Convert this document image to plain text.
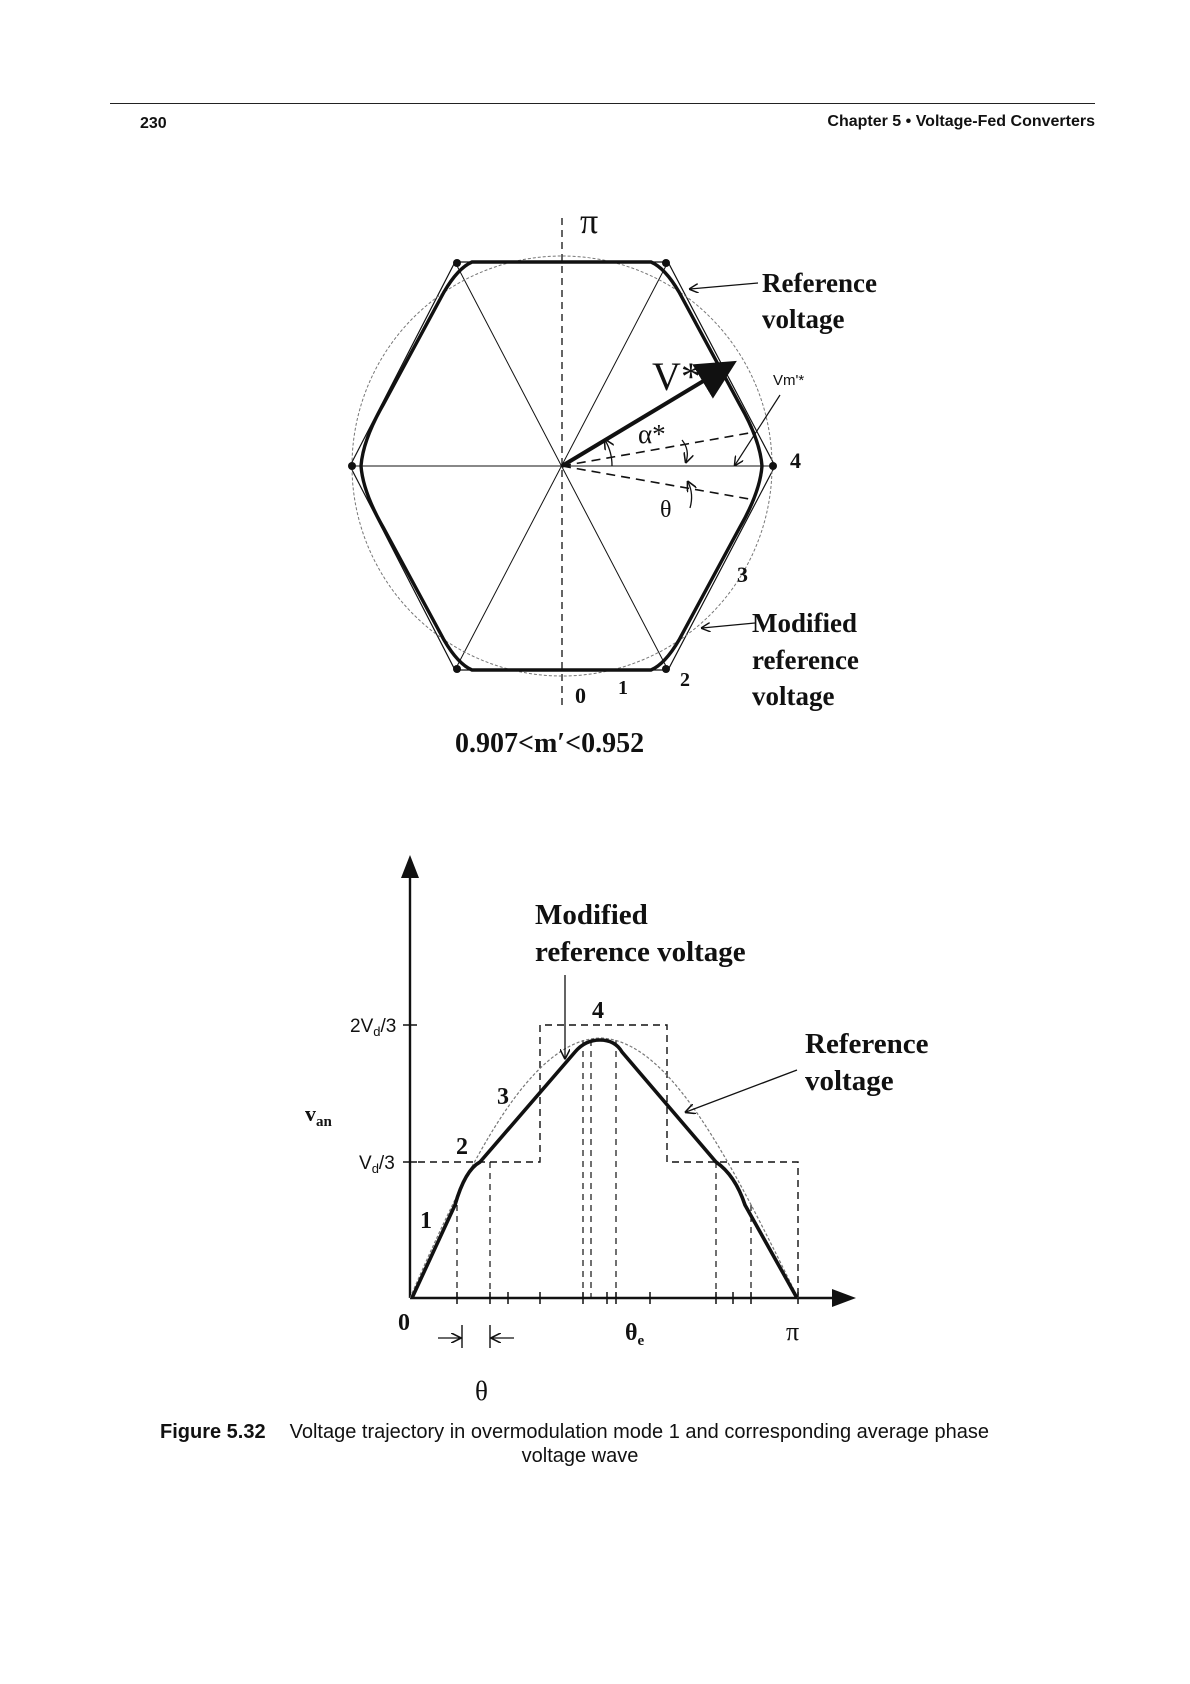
230	Chapter 5 • Voltage-Fed Converters
π
Reference
voltage
V*	Vm'*
α*
θ
4
3
Modified
reference
voltage
2
1
0
0.907<m′<0.952
Modified
reference voltage
Reference
voltage
$v_{an}$
$2V_d/3$
$V_d/3$
1
2
3
4
0	$\theta_e$	π
θ
Figure 5.32 Voltage trajectory in overmodulation mode 1 and corresponding average phase
voltage wave
